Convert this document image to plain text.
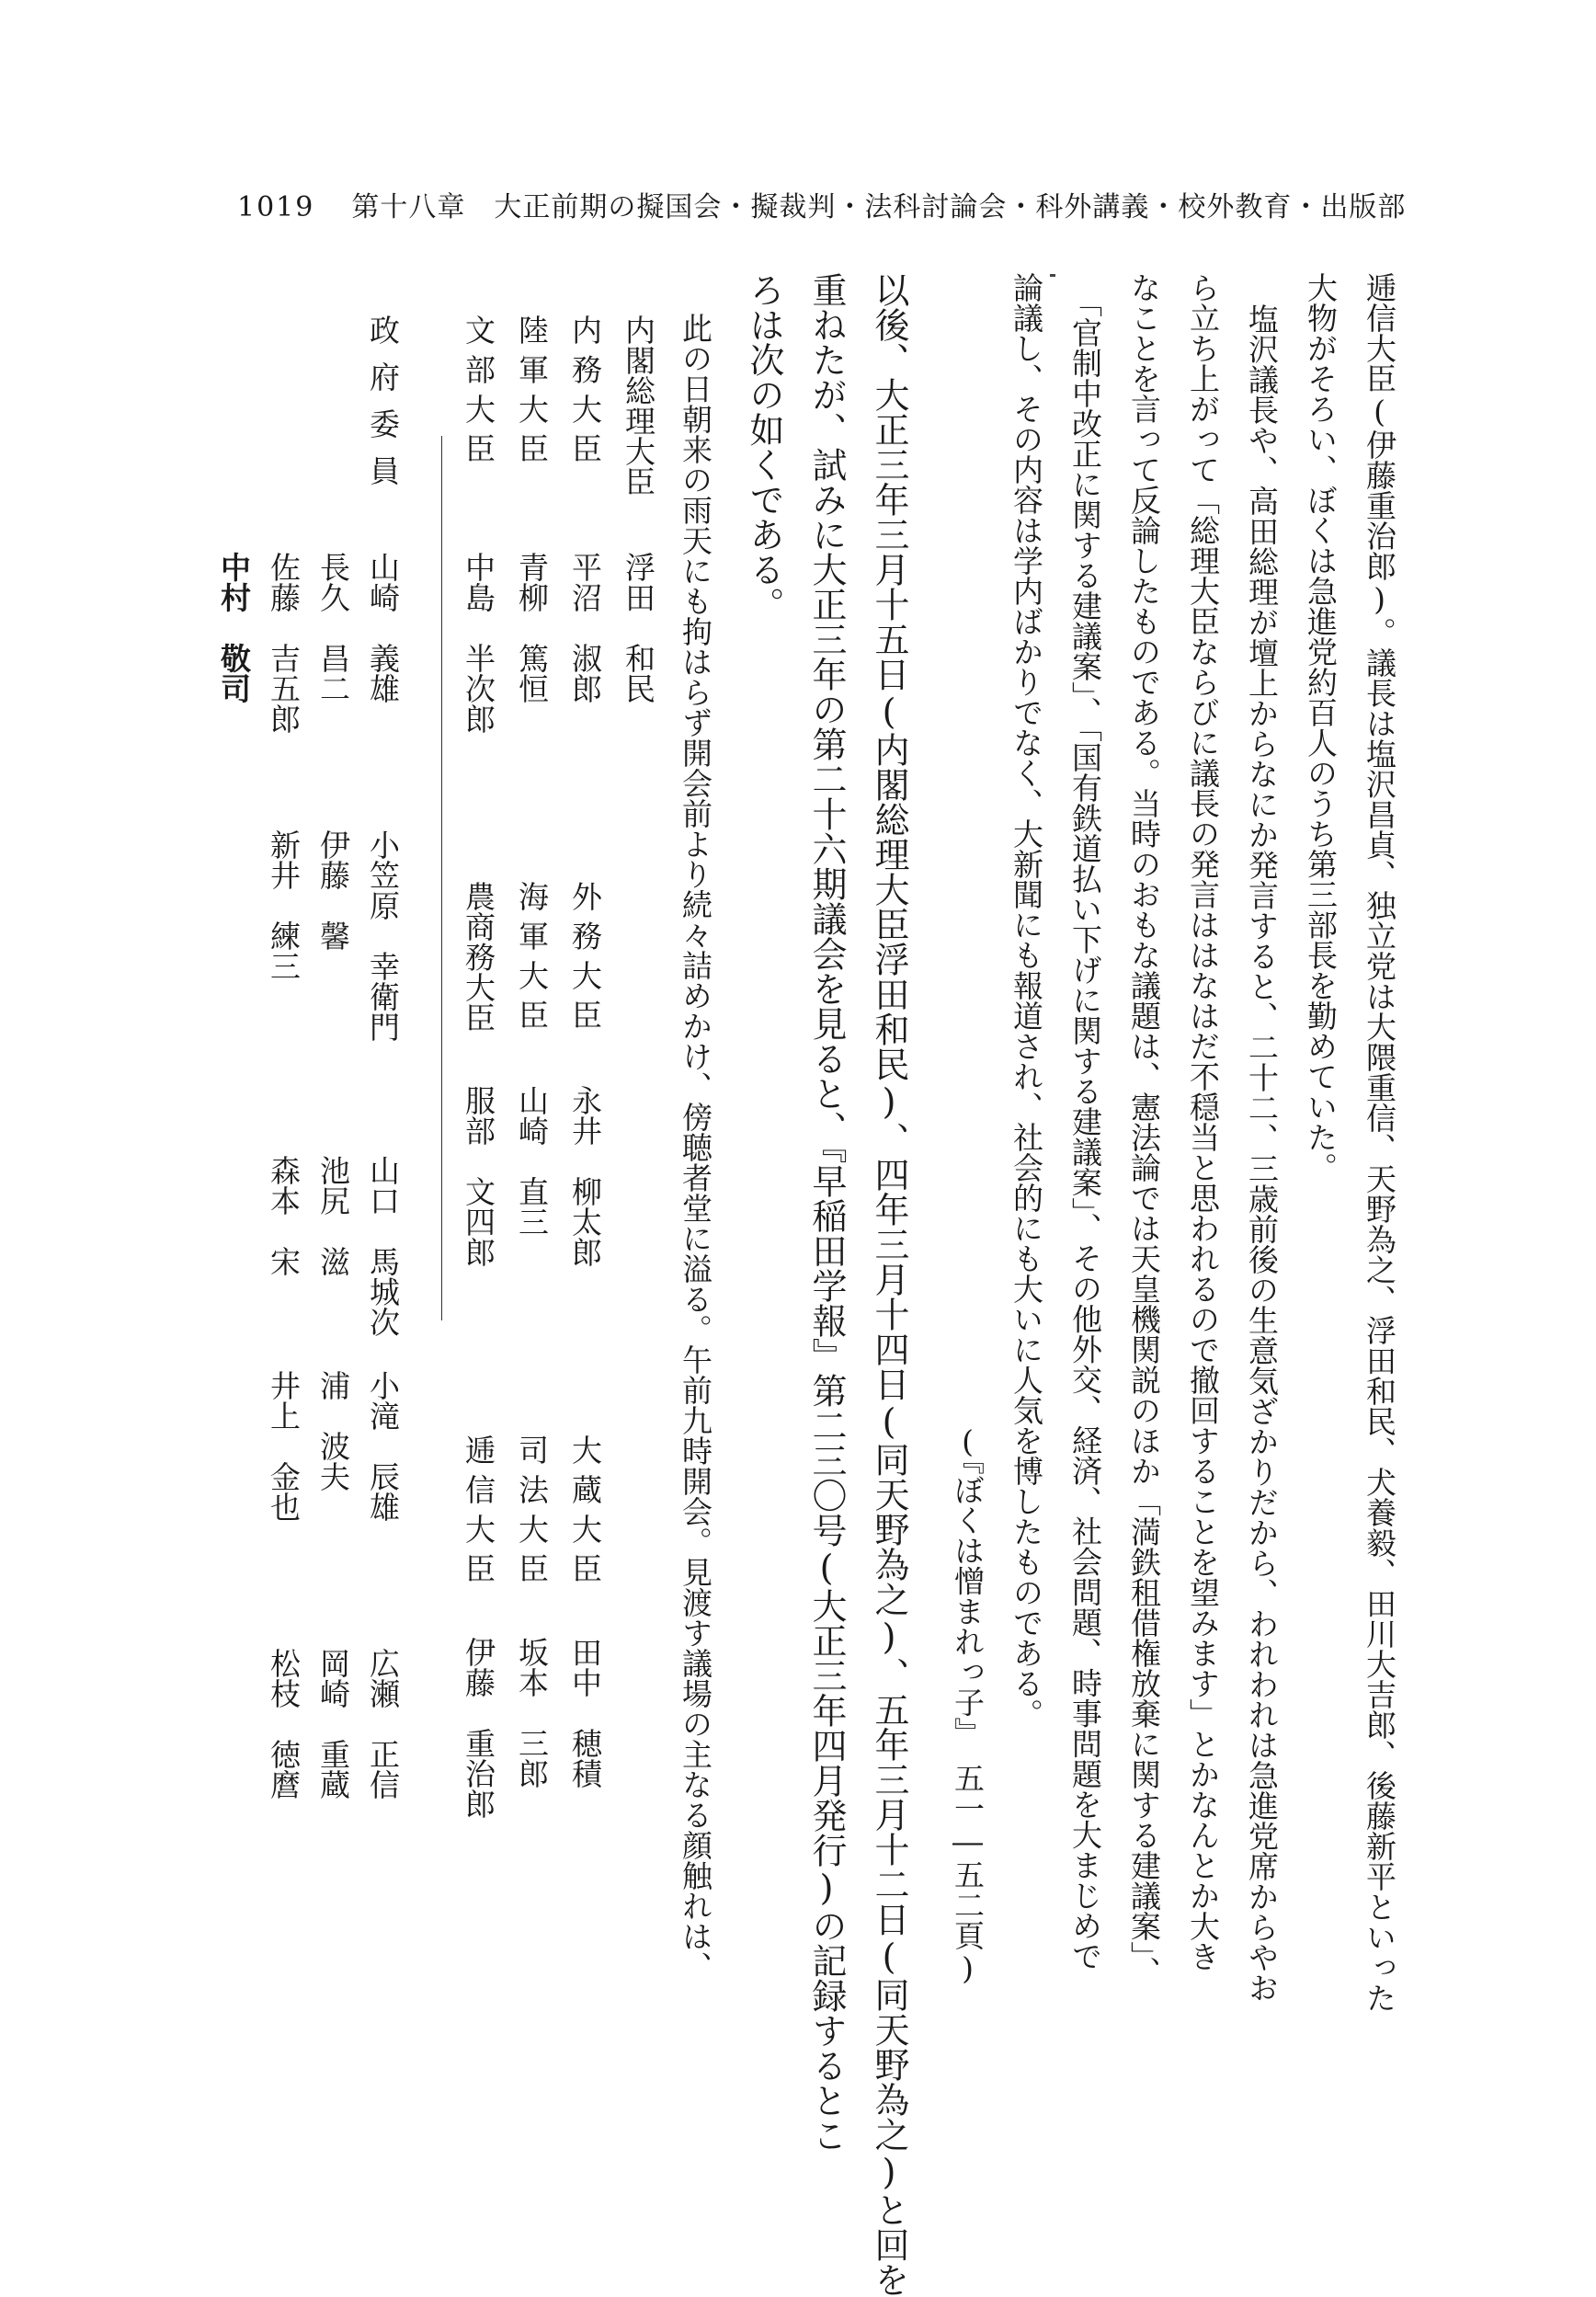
1019 第十八章　大正前期の擬国会・擬裁判・法科討論会・科外講義・校外教育・出版部
逓信大臣(伊藤重治郎)。議長は塩沢昌貞、独立党は大隈重信、天野為之、浮田和民、犬養毅、田川大吉郎、後藤新平といった
大物がそろい、ぼくは急進党約百人のうち第三部長を勤めていた。
塩沢議長や、高田総理が壇上からなにか発言すると、二十二、三歳前後の生意気ざかりだから、われわれは急進党席からやお
ら立ち上がって「総理大臣ならびに議長の発言ははなはだ不穏当と思われるので撤回することを望みます」とかなんとか大き
なことを言って反論したものである。当時のおもな議題は、憲法論では天皇機関説のほか「満鉄租借権放棄に関する建議案」、
「官制中改正に関する建議案」、「国有鉄道払い下げに関する建議案」、その他外交、経済、社会問題、時事問題を大まじめで
論議し、その内容は学内ばかりでなく、大新聞にも報道され、社会的にも大いに人気を博したものである。
(『ぼくは憎まれっ子』　五一―五二頁)
以後、大正三年三月十五日(内閣総理大臣浮田和民)、四年三月十四日(同天野為之)、五年三月十二日(同天野為之)と回を
重ねたが、試みに大正三年の第二十六期議会を見ると、『早稲田学報』第二三〇号(大正三年四月発行)の記録するとこ
ろは次の如くである。
此の日朝来の雨天にも拘はらず開会前より続々詰めかけ、傍聴者堂に溢る。午前九時開会。見渡す議場の主なる顔触れは、
内閣総理大臣
浮田　和民
内務大臣
平沼　淑郎
外務大臣
永井　柳太郎
大蔵大臣
田中　穂積
陸軍大臣
青柳　篤恒
海軍大臣
山崎　直三
司法大臣
坂本　三郎
文部大臣
中島　半次郎
農商務大臣
服部　文四郎
逓信大臣
伊藤　重治郎
政府委員
山崎　義雄
小笠原　幸衛門
山口　馬城次
小滝　辰雄
広瀬　正信
長久　昌二
伊藤　馨
池尻　滋
浦　波夫
岡崎　重蔵
佐藤　吉五郎
新井　練三
森本　宋
井上　金也
松枝　徳麿
中村　敬司
